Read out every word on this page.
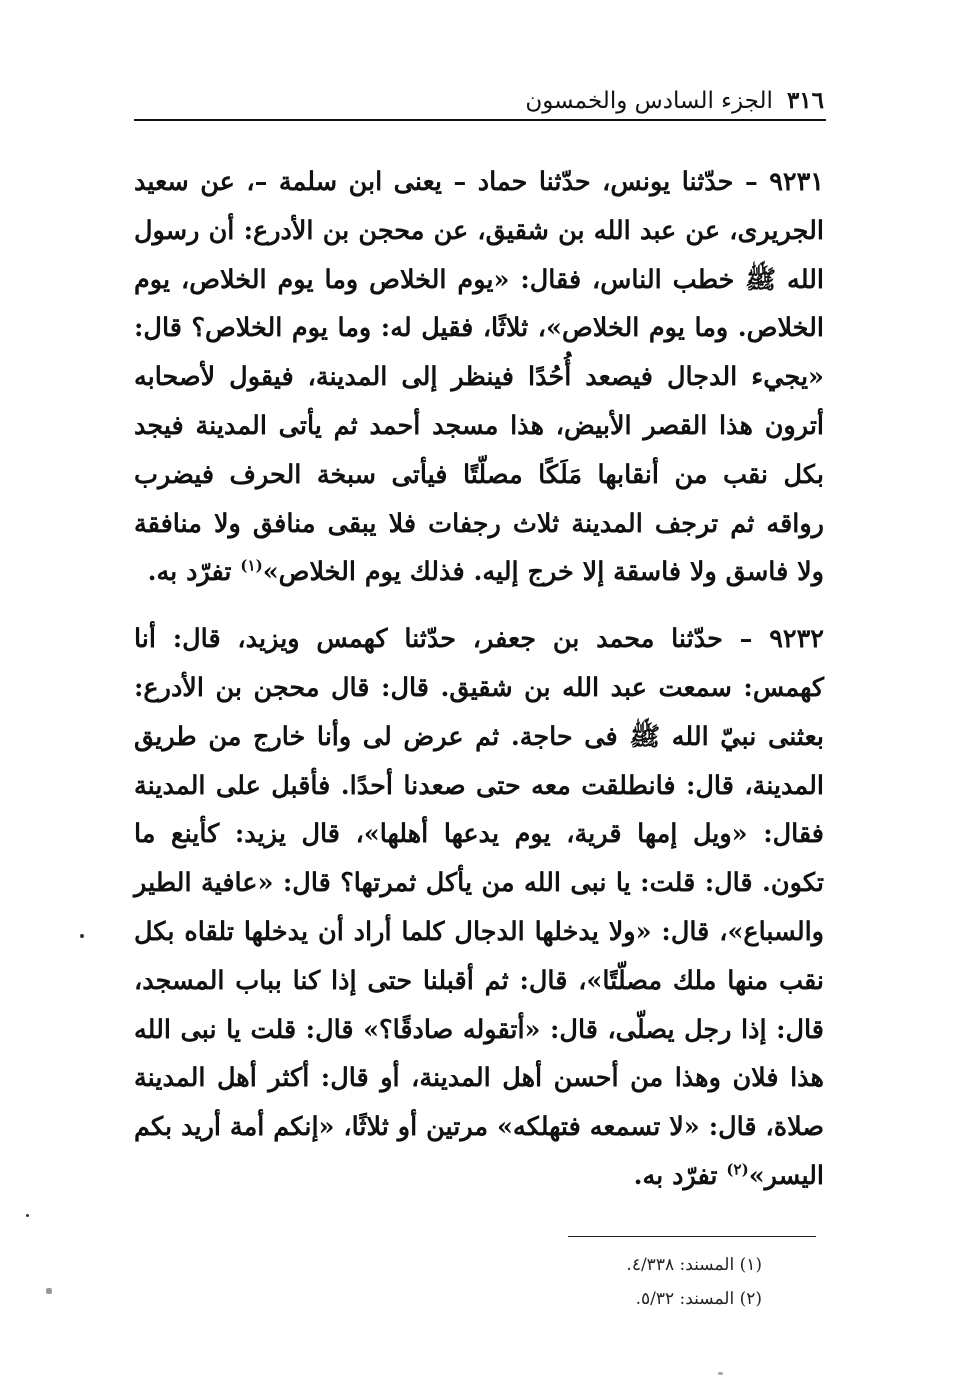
٣١٦
الجزء السادس والخمسون

٩٢٣١ – حدّثنا يونس، حدّثنا حماد – يعنى ابن سلمة –، عن سعيد الجريرى، عن عبد الله بن شقيق، عن محجن بن الأدرع: أن رسول الله ﷺ خطب الناس، فقال: «يوم الخلاص وما يوم الخلاص، يوم الخلاص. وما يوم الخلاص»، ثلاثًا، فقيل له: وما يوم الخلاص؟ قال: «يجيء الدجال فيصعد أُحُدًا فينظر إلى المدينة، فيقول لأصحابه أترون هذا القصر الأبيض، هذا مسجد أحمد ثم يأتى المدينة فيجد بكل نقب من أنقابها مَلَكًا مصلّتًا فيأتى سبخة الحرف فيضرب رواقه ثم ترجف المدينة ثلاث رجفات فلا يبقى منافق ولا منافقة ولا فاسق ولا فاسقة إلا خرج إليه. فذلك يوم الخلاص»$^{(١)}$ تفرّد به.

٩٢٣٢ – حدّثنا محمد بن جعفر، حدّثنا كهمس ويزيد، قال: أنا كهمس: سمعت عبد الله بن شقيق. قال: قال محجن بن الأدرع: بعثنى نبيّ الله ﷺ فى حاجة. ثم عرض لى وأنا خارج من طريق المدينة، قال: فانطلقت معه حتى صعدنا أحدًا. فأقبل على المدينة فقال: «ويل إمها قرية، يوم يدعها أهلها»، قال يزيد: كأينع ما تكون. قال: قلت: يا نبى الله من يأكل ثمرتها؟ قال: «عافية الطير والسباع»، قال: «ولا يدخلها الدجال كلما أراد أن يدخلها تلقاه بكل نقب منها ملك مصلّتًا»، قال: ثم أقبلنا حتى إذا كنا بباب المسجد، قال: إذا رجل يصلّى، قال: «أتقوله صادقًا؟» قال: قلت يا نبى الله هذا فلان وهذا من أحسن أهل المدينة، أو قال: أكثر أهل المدينة صلاة، قال: «لا تسمعه فتهلكه» مرتين أو ثلاثًا، «إنكم أمة أريد بكم اليسر»$^{(٢)}$ تفرّد به.

(١) المسند: ٤/٣٣٨.
(٢) المسند: ٥/٣٢.
